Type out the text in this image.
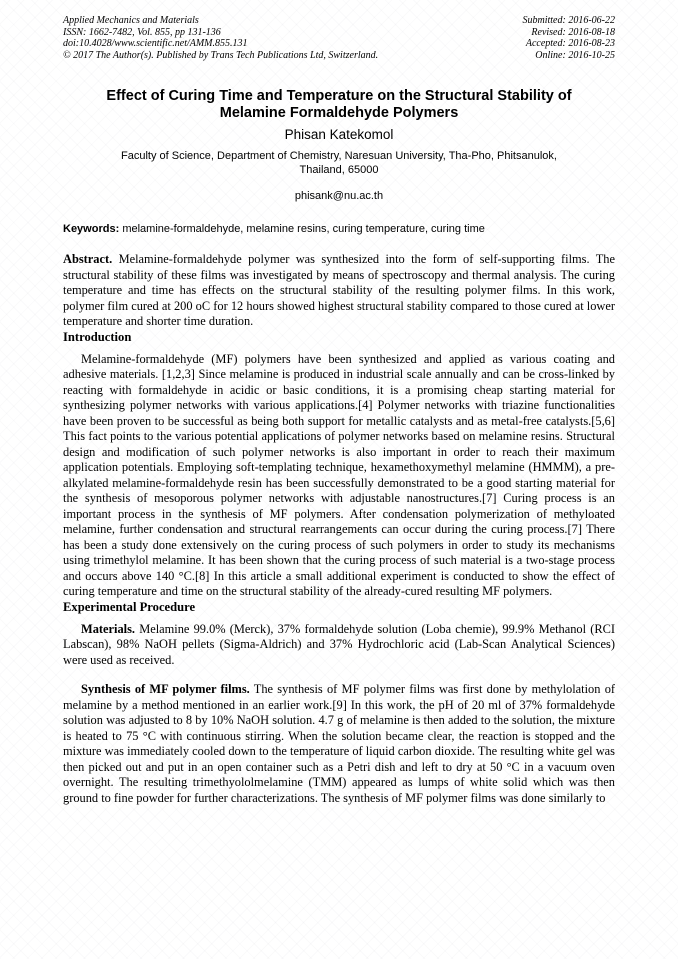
Applied Mechanics and Materials
ISSN: 1662-7482, Vol. 855, pp 131-136
doi:10.4028/www.scientific.net/AMM.855.131
© 2017 The Author(s). Published by Trans Tech Publications Ltd, Switzerland.
Submitted: 2016-06-22
Revised: 2016-08-18
Accepted: 2016-08-23
Online: 2016-10-25
Effect of Curing Time and Temperature on the Structural Stability of
Melamine Formaldehyde Polymers
Phisan Katekomol
Faculty of Science, Department of Chemistry, Naresuan University, Tha-Pho, Phitsanulok,
Thailand, 65000
phisank@nu.ac.th

Keywords: melamine-formaldehyde, melamine resins, curing temperature, curing time

Abstract. Melamine-formaldehyde polymer was synthesized into the form of self-supporting films. The structural stability of these films was investigated by means of spectroscopy and thermal analysis. The curing temperature and time has effects on the structural stability of the resulting polymer films. In this work, polymer film cured at 200 oC for 12 hours showed highest structural stability compared to those cured at lower temperature and shorter time duration.

Introduction

Melamine-formaldehyde (MF) polymers have been synthesized and applied as various coating and adhesive materials. [1,2,3] Since melamine is produced in industrial scale annually and can be cross-linked by reacting with formaldehyde in acidic or basic conditions, it is a promising cheap starting material for synthesizing polymer networks with various applications.[4] Polymer networks with triazine functionalities have been proven to be successful as being both support for metallic catalysts and as metal-free catalysts.[5,6] This fact points to the various potential applications of polymer networks based on melamine resins. Structural design and modification of such polymer networks is also important in order to reach their maximum application potentials. Employing soft-templating technique, hexamethoxymethyl melamine (HMMM), a pre-alkylated melamine-formaldehyde resin has been successfully demonstrated to be a good starting material for the synthesis of mesoporous polymer networks with adjustable nanostructures.[7] Curing process is an important process in the synthesis of MF polymers. After condensation polymerization of methyloated melamine, further condensation and structural rearrangements can occur during the curing process.[7] There has been a study done extensively on the curing process of such polymers in order to study its mechanisms using trimethylol melamine. It has been shown that the curing process of such material is a two-stage process and occurs above 140 °C.[8] In this article a small additional experiment is conducted to show the effect of curing temperature and time on the structural stability of the already-cured resulting MF polymers.

Experimental Procedure

Materials. Melamine 99.0% (Merck), 37% formaldehyde solution (Loba chemie), 99.9% Methanol (RCI Labscan), 98% NaOH pellets (Sigma-Aldrich) and 37% Hydrochloric acid (Lab-Scan Analytical Sciences) were used as received.

Synthesis of MF polymer films. The synthesis of MF polymer films was first done by methylolation of melamine by a method mentioned in an earlier work.[9] In this work, the pH of 20 ml of 37% formaldehyde solution was adjusted to 8 by 10% NaOH solution. 4.7 g of melamine is then added to the solution, the mixture is heated to 75 °C with continuous stirring. When the solution became clear, the reaction is stopped and the mixture was immediately cooled down to the temperature of liquid carbon dioxide. The resulting white gel was then picked out and put in an open container such as a Petri dish and left to dry at 50 °C in a vacuum oven overnight. The resulting trimethyololmelamine (TMM) appeared as lumps of white solid which was then ground to fine powder for further characterizations. The synthesis of MF polymer films was done similarly to
